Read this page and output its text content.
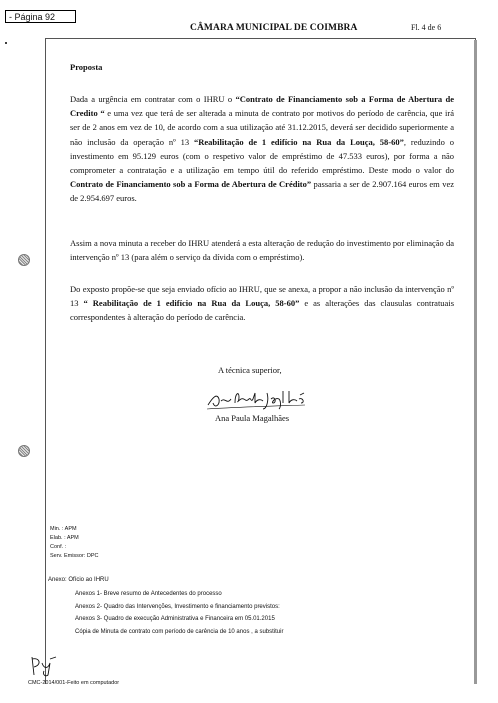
- Página 92
CÂMARA MUNICIPAL DE COIMBRA	Fl. 4 de 6
Proposta

Dada a urgência em contratar com o IHRU o “Contrato de Financiamento sob a Forma de Abertura de Credito “ e uma vez que terá de ser alterada a minuta de contrato por motivos do período de carência, que irá ser de 2 anos em vez de 10, de acordo com a sua utilização até 31.12.2015, deverá ser decidido superiormente a não inclusão da operação nº 13 “Reabilitação de 1 edifício na Rua da Louça, 58-60”, reduzindo o investimento em 95.129 euros (com o respetivo valor de empréstimo de 47.533 euros), por forma a não comprometer a contratação e a utilização em tempo útil do referido empréstimo. Deste modo o valor do Contrato de Financiamento sob a Forma de Abertura de Crédito” passaria a ser de 2.907.164 euros em vez de 2.954.697 euros.

Assim a nova minuta a receber do IHRU atenderá a esta alteração de redução do investimento por eliminação da intervenção nº 13 (para além o serviço da dívida com o empréstimo).

Do exposto propõe-se que seja enviado ofício ao IHRU, que se anexa, a propor a não inclusão da intervenção nº 13 “ Reabilitação de 1 edifício na Rua da Louça, 58-60” e as alterações das clausulas contratuais correspondentes à alteração do período de carência.

A técnica superior,
Ana Paula Magalhães
Min. : APM
Elab. : APM
Conf. :
Serv. Emissor: DPC
Anexo: Ofício ao IHRU
Anexos 1- Breve resumo de Antecedentes do processo
Anexos 2- Quadro das Intervenções, Investimento e financiamento previstos:
Anexos 3- Quadro de execução Administrativa e Financeira em 05.01.2015
Cópia de Minuta de contrato com período de carência de 10 anos , a substituir
CMC-2014/001-Feito em computador
